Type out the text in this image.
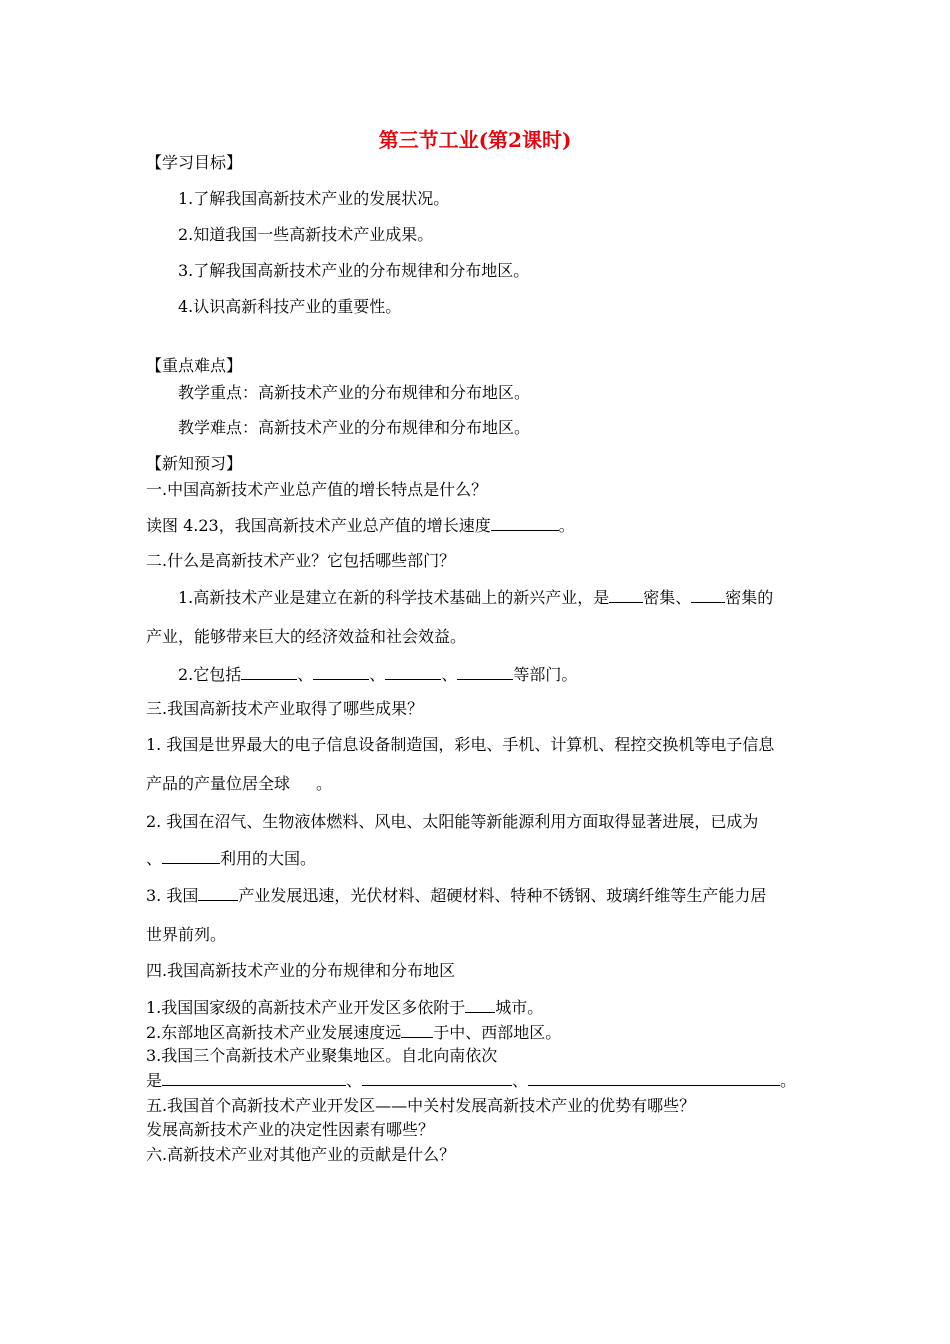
第三节工业(第2课时)
【学习目标】
1.了解我国高新技术产业的发展状况。
2.知道我国一些高新技术产业成果。
3.了解我国高新技术产业的分布规律和分布地区。
4.认识高新科技产业的重要性。
【重点难点】
教学重点：高新技术产业的分布规律和分布地区。
教学难点：高新技术产业的分布规律和分布地区。
【新知预习】
一.中国高新技术产业总产值的增长特点是什么？
读图 4.23，我国高新技术产业总产值的增长速度	。
二.什么是高新技术产业？它包括哪些部门？
1.高新技术产业是建立在新的科学技术基础上的新兴产业，是 密集、 密集的
产业，能够带来巨大的经济效益和社会效益。
2.它包括	、	、	、	等部门。
三.我国高新技术产业取得了哪些成果？
1. 我国是世界最大的电子信息设备制造国，彩电、手机、计算机、程控交换机等电子信息
产品的产量位居全球 。
2. 我国在沼气、生物液体燃料、风电、太阳能等新能源利用方面取得显著进展，已成为
、	利用的大国。
3. 我国	产业发展迅速，光伏材料、超硬材料、特种不锈钢、玻璃纤维等生产能力居
世界前列。
四.我国高新技术产业的分布规律和分布地区
1.我国国家级的高新技术产业开发区多依附于 城市。
2.东部地区高新技术产业发展速度远 于中、西部地区。
3.我国三个高新技术产业聚集地区。自北向南依次
是	、	、	。
五.我国首个高新技术产业开发区——中关村发展高新技术产业的优势有哪些？
发展高新技术产业的决定性因素有哪些？
六.高新技术产业对其他产业的贡献是什么？
